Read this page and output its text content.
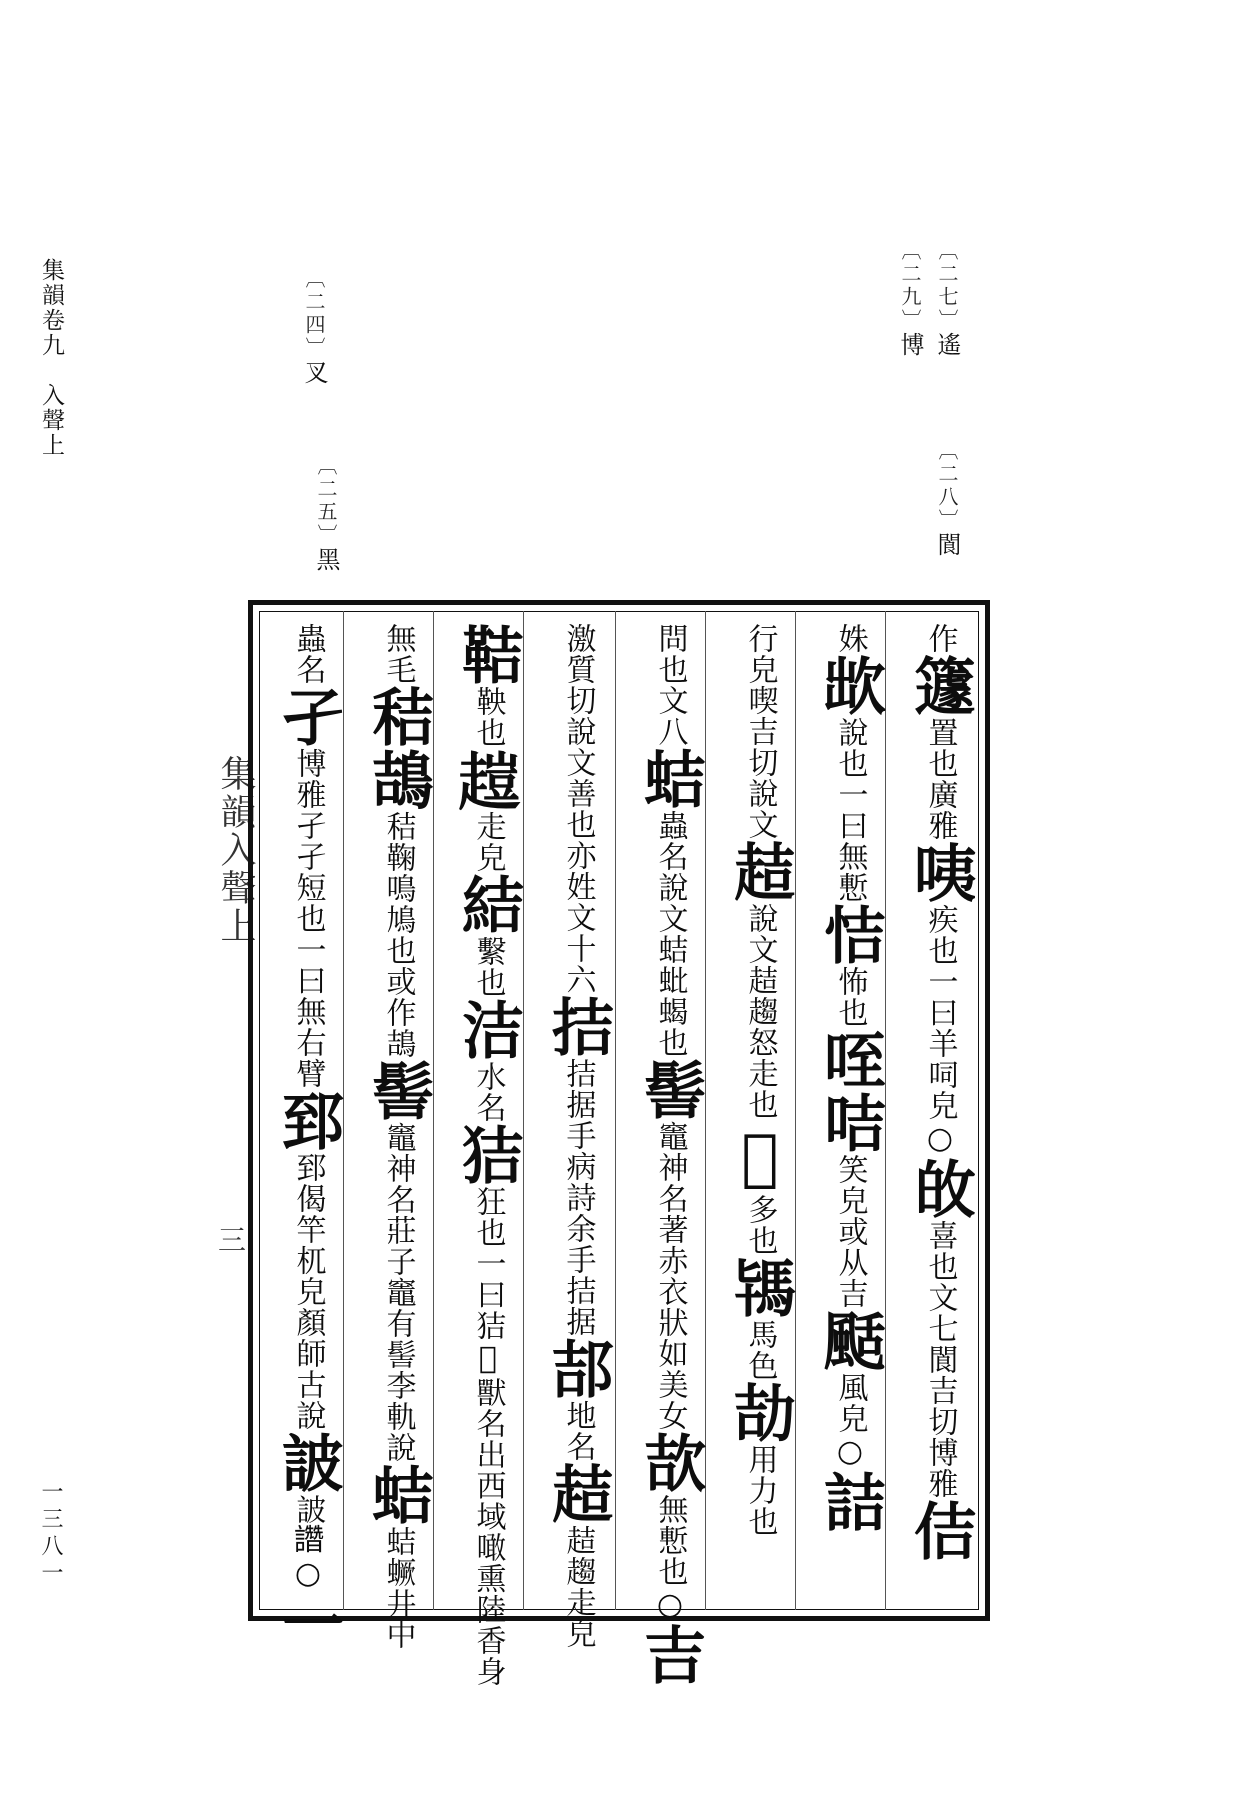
集韻卷九　入聲上
一三八一
〔二七〕遙
〔二九〕博
〔二八〕閬
〔二四〕叉
〔二五〕黑
集韻入聲上
三
作籧置也廣雅咦疾也一曰羊呞皃○敀喜也文七閬吉切博雅佶
姝欪說也一曰無慙恄怖也咥咭笑皃或从吉颳風皃○詰
行皃喫吉切說文趌說文趌趨怒走也𧫷多也駂馬色劼用力也
問也文八蛣蟲名說文蛣蚍蝎也髻竈神名著赤衣狀如美女欯無慙也○吉
激質切說文善也亦姓文十六拮拮据手病詩余手拮据郆地名趌趌趨走皃
鞊鞅也𧽊走皃結繫也洁水名狤狂也一曰狤𤠨獸名出西域噉熏陸香身
無毛秸鴶秸鞠鳴鳩也或作鴶髻竈神名莊子竈有髻李軌說蛣蛣蟩井中
蟲名孑博雅孑孑短也一曰無右臂郅郅偈竿杌皃顏師古說詖詖𧮂○一
